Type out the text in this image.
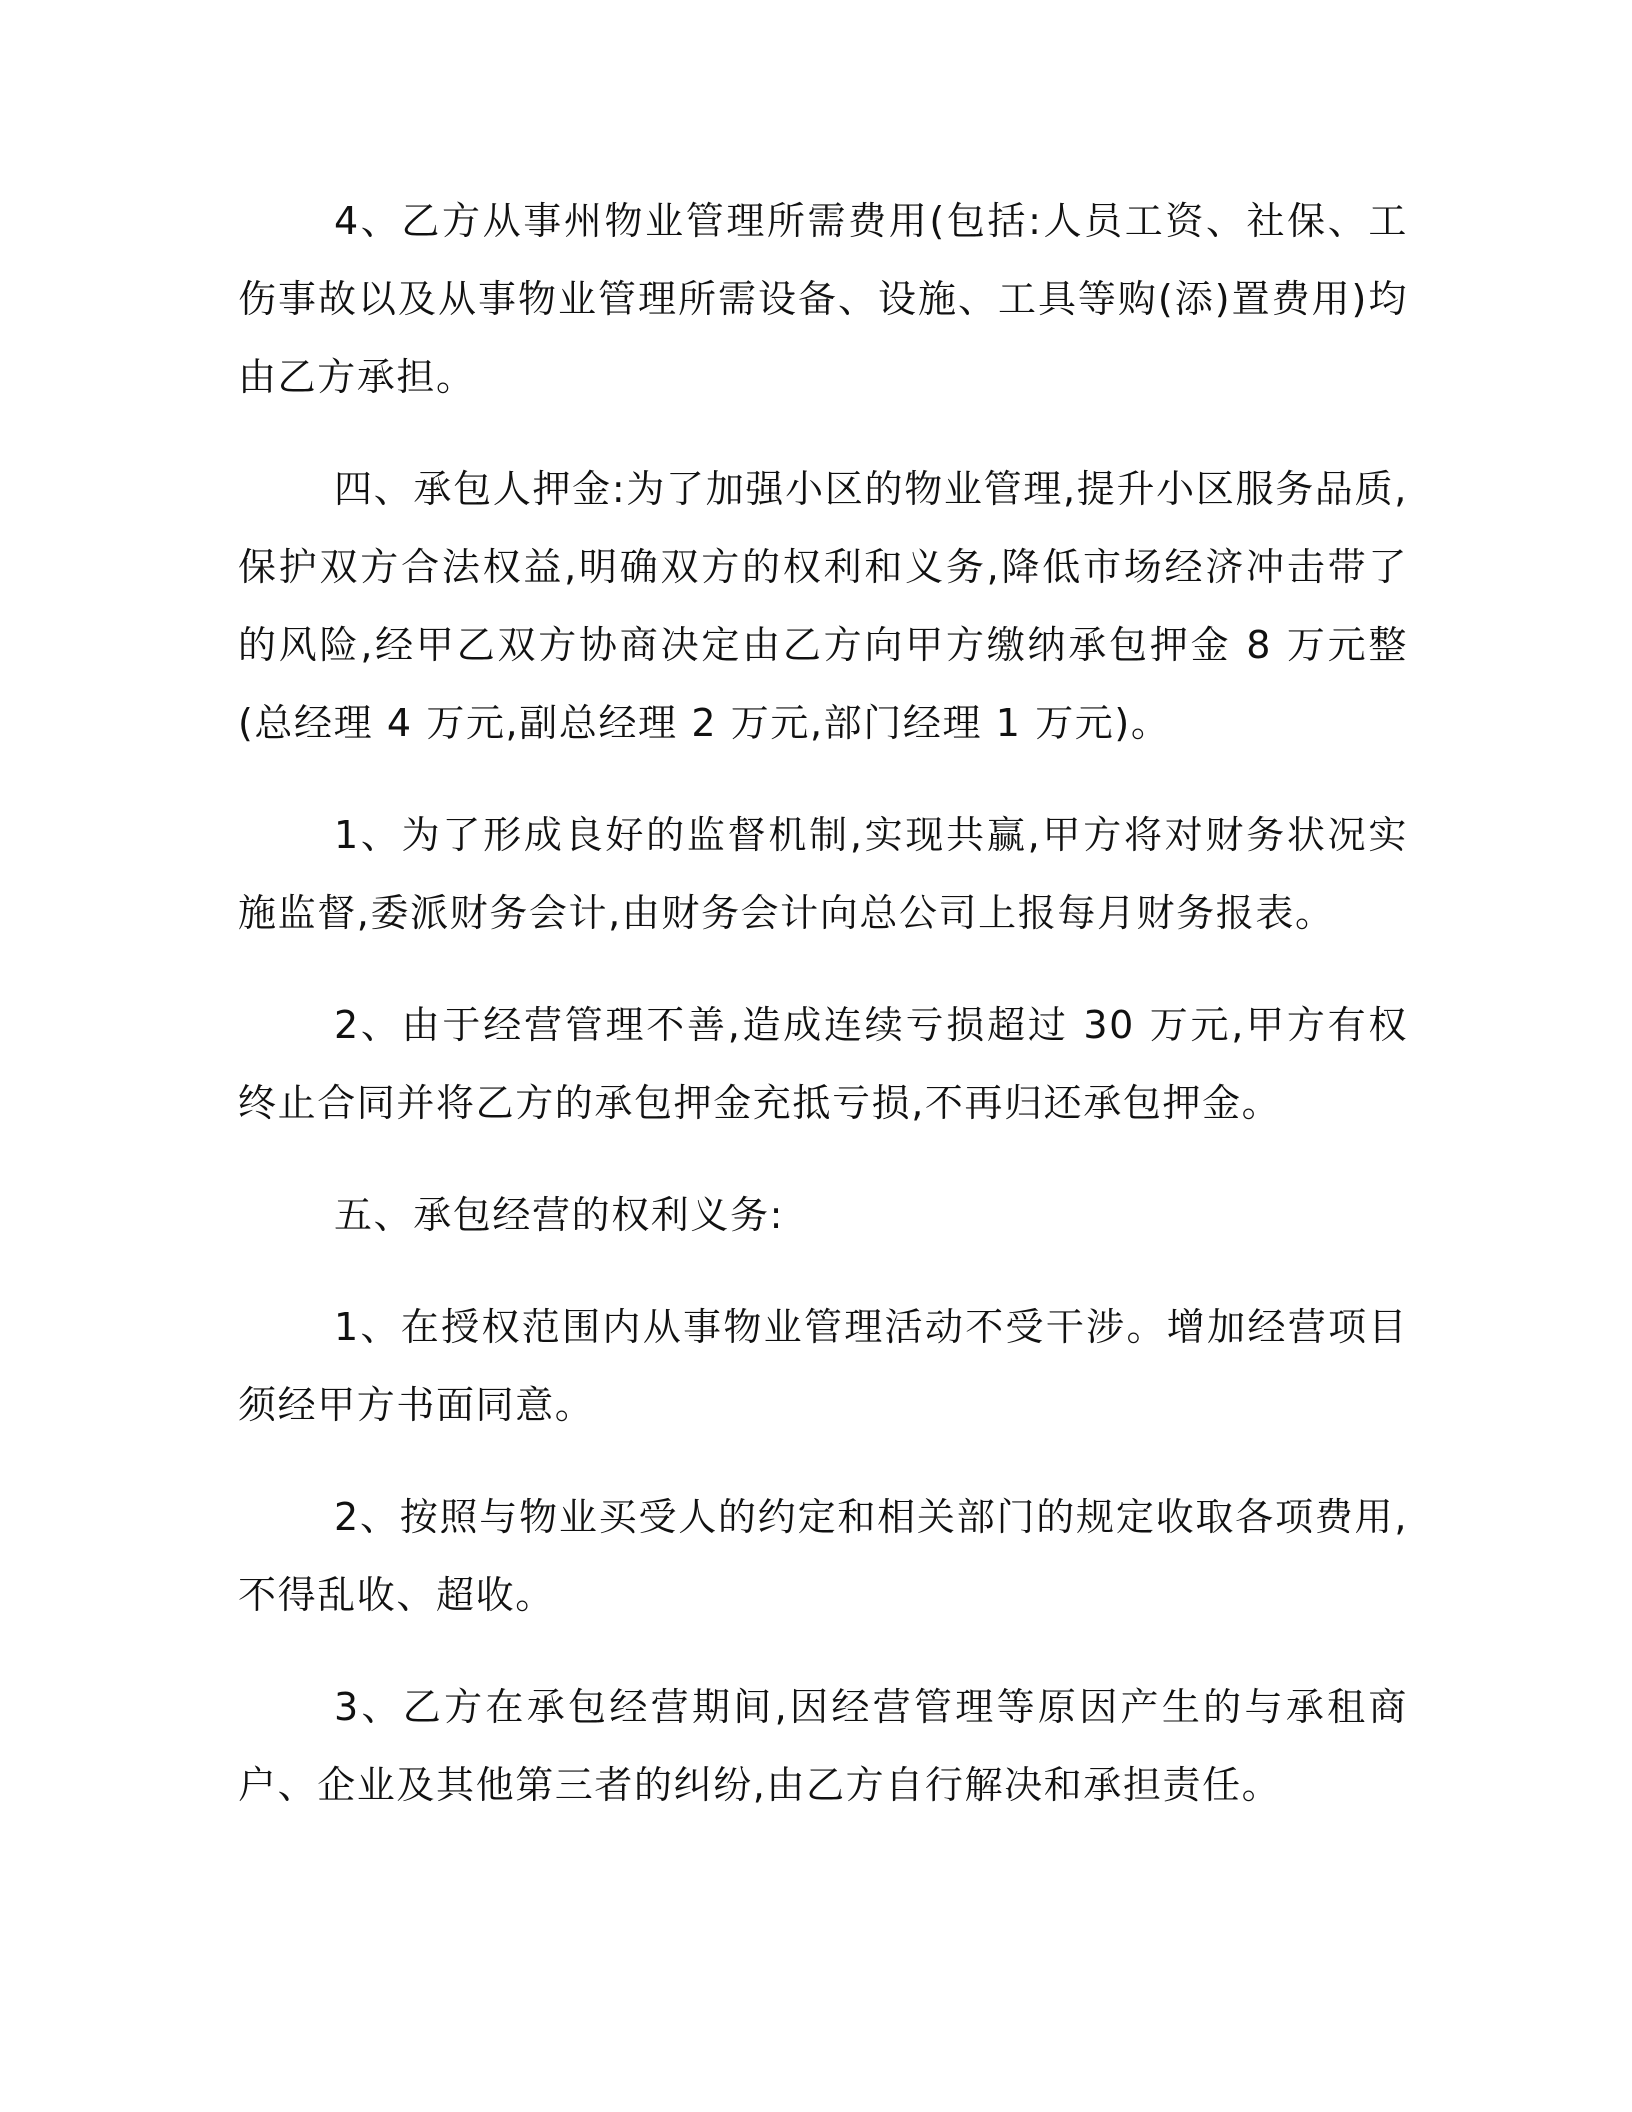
4、乙方从事州物业管理所需费用(包括:人员工资、社保、工伤事故以及从事物业管理所需设备、设施、工具等购(添)置费用)均由乙方承担。

四、承包人押金:为了加强小区的物业管理,提升小区服务品质,保护双方合法权益,明确双方的权利和义务,降低市场经济冲击带了的风险,经甲乙双方协商决定由乙方向甲方缴纳承包押金 8 万元整(总经理 4 万元,副总经理 2 万元,部门经理 1 万元)。

1、为了形成良好的监督机制,实现共赢,甲方将对财务状况实施监督,委派财务会计,由财务会计向总公司上报每月财务报表。

2、由于经营管理不善,造成连续亏损超过 30 万元,甲方有权终止合同并将乙方的承包押金充抵亏损,不再归还承包押金。

五、承包经营的权利义务:

1、在授权范围内从事物业管理活动不受干涉。增加经营项目须经甲方书面同意。

2、按照与物业买受人的约定和相关部门的规定收取各项费用,不得乱收、超收。

3、乙方在承包经营期间,因经营管理等原因产生的与承租商户、企业及其他第三者的纠纷,由乙方自行解决和承担责任。
